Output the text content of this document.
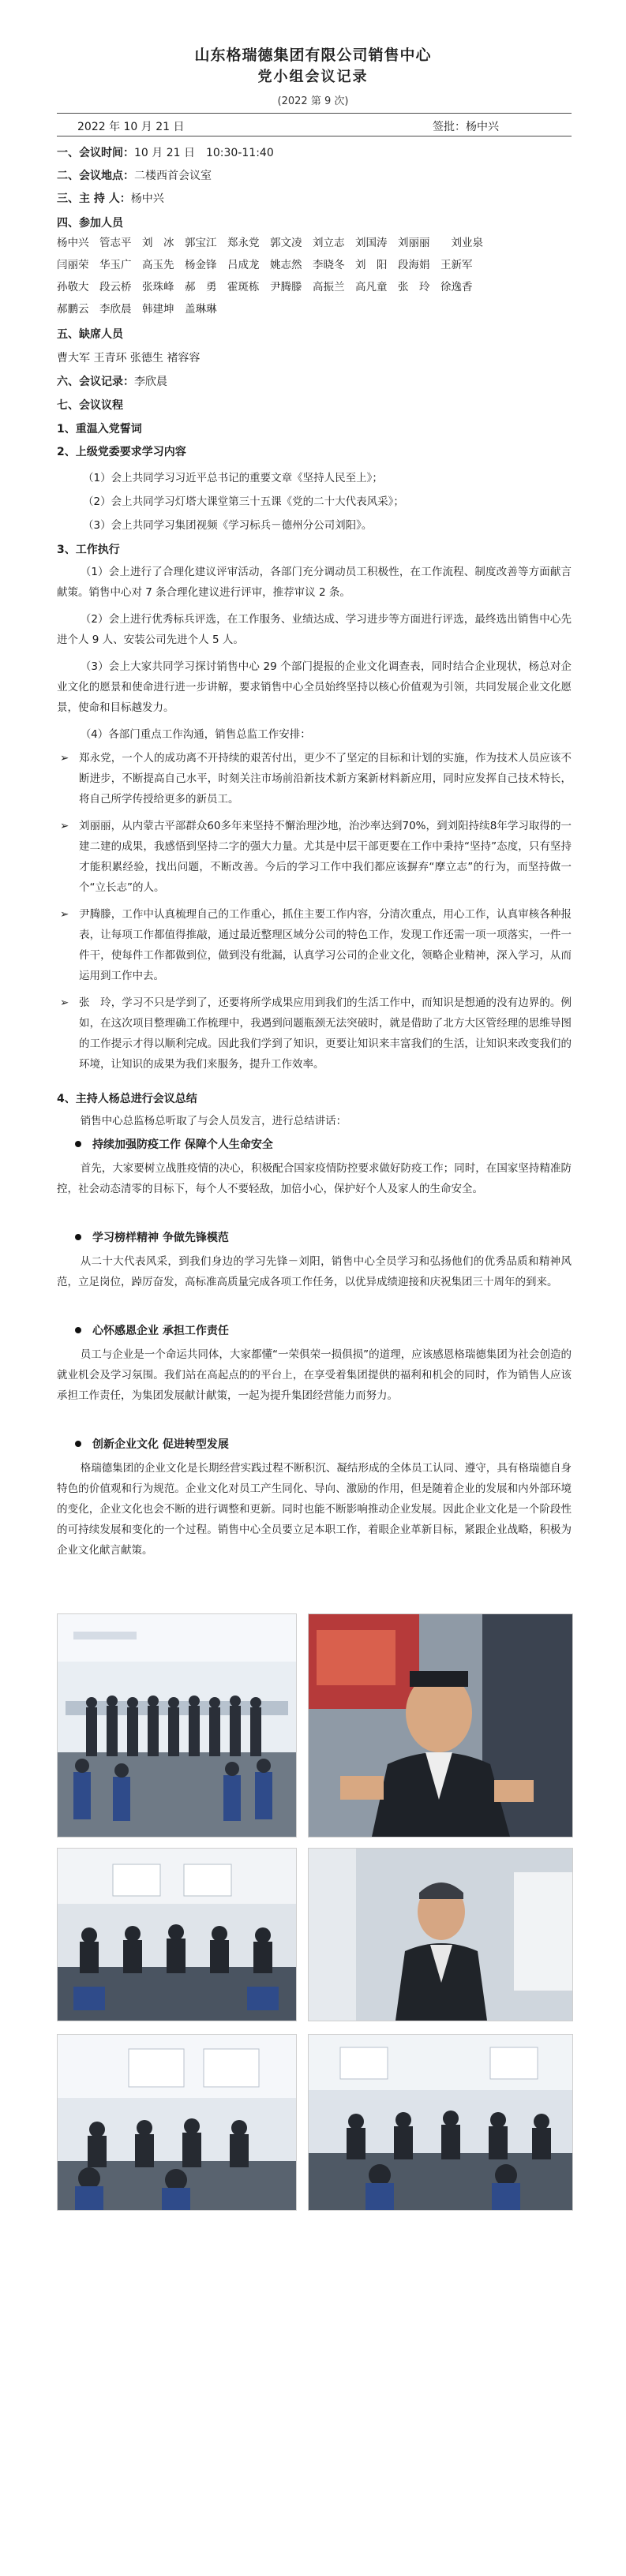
山东格瑞德集团有限公司销售中心
党小组会议记录
(2022 第 9 次)
2022 年 10 月 21 日	签批：杨中兴
一、会议时间：10 月 21 日　10:30-11:40
二、会议地点：二楼西首会议室
三、主 持 人：杨中兴
四、参加人员
杨中兴　管志平　刘　冰　郭宝江　郑永党　郭文凌　刘立志　刘国涛　刘丽丽　　刘业泉
闫丽荣　华玉广　高玉先　杨金锋　吕成龙　姚志然　李晓冬　刘　阳　段海娟　王新军
孙敬大　段云桥　张珠峰　郝　勇　霍斑栋　尹腾滕　高振兰　高凡童　张　玲　徐逸香
郝鹏云　李欣晨　韩建坤　盖琳琳
五、缺席人员
曹大军 王青环 张德生 褚容容
六、会议记录：李欣晨
七、会议议程
1、重温入党誓词
2、上级党委要求学习内容
（1）会上共同学习习近平总书记的重要文章《坚持人民至上》；
（2）会上共同学习灯塔大课堂第三十五课《党的二十大代表风采》；
（3）会上共同学习集团视频《学习标兵－德州分公司刘阳》。
3、工作执行
（1）会上进行了合理化建议评审活动，各部门充分调动员工积极性，在工作流程、制度改善等方面献言献策。销售中心对 7 条合理化建议进行评审，推荐审议 2 条。
（2）会上进行优秀标兵评选，在工作服务、业绩达成、学习进步等方面进行评选，最终选出销售中心先进个人 9 人、安装公司先进个人 5 人。
（3）会上大家共同学习探讨销售中心 29 个部门提报的企业文化调查表，同时结合企业现状，杨总对企业文化的愿景和使命进行进一步讲解，要求销售中心全员始终坚持以核心价值观为引领，共同发展企业文化愿景，使命和目标越发力。
（4）各部门重点工作沟通，销售总监工作安排：
➢ 郑永党，一个人的成功离不开持续的艰苦付出，更少不了坚定的目标和计划的实施，作为技术人员应该不断进步，不断提高自己水平，时刻关注市场前沿新技术新方案新材料新应用，同时应发挥自己技术特长，将自己所学传授给更多的新员工。
➢ 刘丽丽，从内蒙古平部群众60多年来坚持不懈治理沙地，治沙率达到70%，到刘阳持续8年学习取得的一建二建的成果，我感悟到坚持二字的强大力量。尤其是中层干部更要在工作中秉持“坚持”态度，只有坚持才能积累经验，找出问题，不断改善。今后的学习工作中我们都应该摒弃“摩立志”的行为，而坚持做一个“立长志”的人。
➢ 尹腾滕，工作中认真梳理自己的工作重心，抓住主要工作内容，分清次重点，用心工作，认真审核各种报表，让每项工作都值得推敲，通过最近整理区域分公司的特色工作，发现工作还需一项一项落实，一件一件干，使每件工作都做到位，做到没有纰漏，认真学习公司的企业文化，领略企业精神，深入学习，从而运用到工作中去。
➢ 张　玲，学习不只是学到了，还要将所学成果应用到我们的生活工作中，而知识是想通的没有边界的。例如，在这次项目整理确工作梳理中，我遇到问题瓶颈无法突破时，就是借助了北方大区管经理的思维导图的工作提示才得以顺利完成。因此我们学到了知识，更要让知识来丰富我们的生活，让知识来改变我们的环境，让知识的成果为我们来服务，提升工作效率。
4、主持人杨总进行会议总结
销售中心总监杨总听取了与会人员发言，进行总结讲话：
持续加强防疫工作 保障个人生命安全
首先，大家要树立战胜疫情的决心，积极配合国家疫情防控要求做好防疫工作；同时，在国家坚持精准防控，社会动态清零的目标下，每个人不要轻敌，加倍小心，保护好个人及家人的生命安全。
学习榜样精神 争做先锋模范
从二十大代表风采，到我们身边的学习先锋－刘阳，销售中心全员学习和弘扬他们的优秀品质和精神风范，立足岗位，踔厉奋发，高标准高质量完成各项工作任务，以优异成绩迎接和庆祝集团三十周年的到来。
心怀感恩企业 承担工作责任
员工与企业是一个命运共同体，大家都懂“一荣俱荣一损俱损”的道理，应该感恩格瑞德集团为社会创造的就业机会及学习氛围。我们站在高起点的的平台上，在享受着集团提供的福利和机会的同时，作为销售人应该承担工作责任，为集团发展献计献策，一起为提升集团经营能力而努力。
创新企业文化 促进转型发展
格瑞德集团的企业文化是长期经营实践过程不断积沉、凝结形成的全体员工认同、遵守，具有格瑞德自身特色的价值观和行为规范。企业文化对员工产生同化、导向、激励的作用，但是随着企业的发展和内外部环境的变化，企业文化也会不断的进行调整和更新。同时也能不断影响推动企业发展。因此企业文化是一个阶段性的可持续发展和变化的一个过程。销售中心全员要立足本职工作，着眼企业革新目标，紧跟企业战略，积极为企业文化献言献策。
